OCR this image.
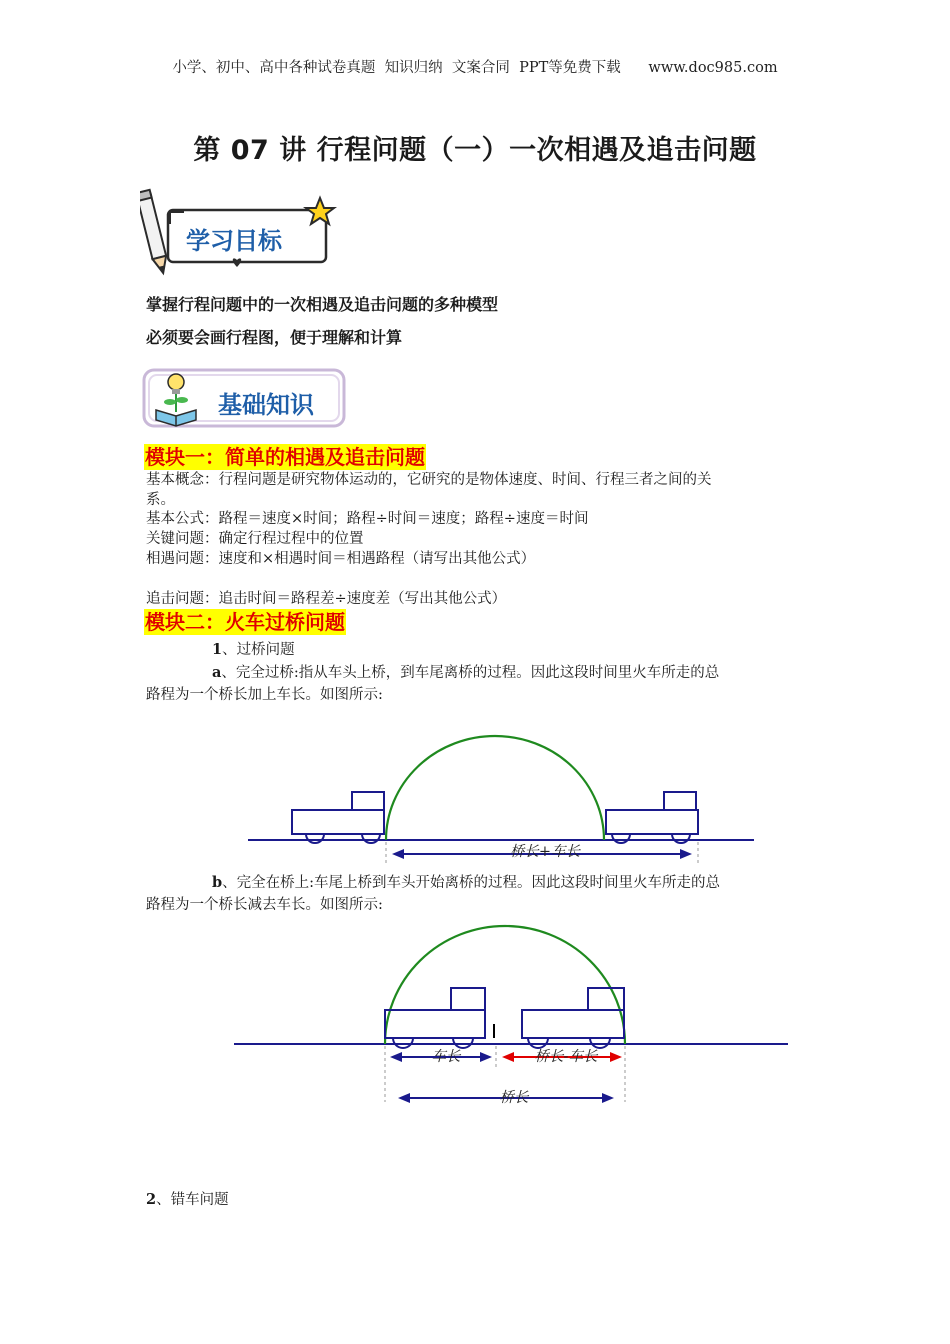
小学、初中、高中各种试卷真题  知识归纳  文案合同  PPT等免费下载 www.doc985.com
第 07 讲 行程问题（一）一次相遇及追击问题
学习目标
掌握行程问题中的一次相遇及追击问题的多种模型
必须要会画行程图，便于理解和计算
基础知识
模块一：简单的相遇及追击问题
基本概念：行程问题是研究物体运动的，它研究的是物体速度、时间、行程三者之间的关
系。
基本公式：路程＝速度×时间；路程÷时间＝速度；路程÷速度＝时间
关键问题：确定行程过程中的位置
相遇问题：速度和×相遇时间＝相遇路程（请写出其他公式）
追击问题：追击时间＝路程差÷速度差（写出其他公式）
模块二：火车过桥问题
1、过桥问题
a、完全过桥:指从车头上桥，到车尾离桥的过程。因此这段时间里火车所走的总
路程为一个桥长加上车长。如图所示:
桥长+车长
b、完全在桥上:车尾上桥到车头开始离桥的过程。因此这段时间里火车所走的总
路程为一个桥长减去车长。如图所示:
车长	桥长-车长
桥长
2、错车问题
